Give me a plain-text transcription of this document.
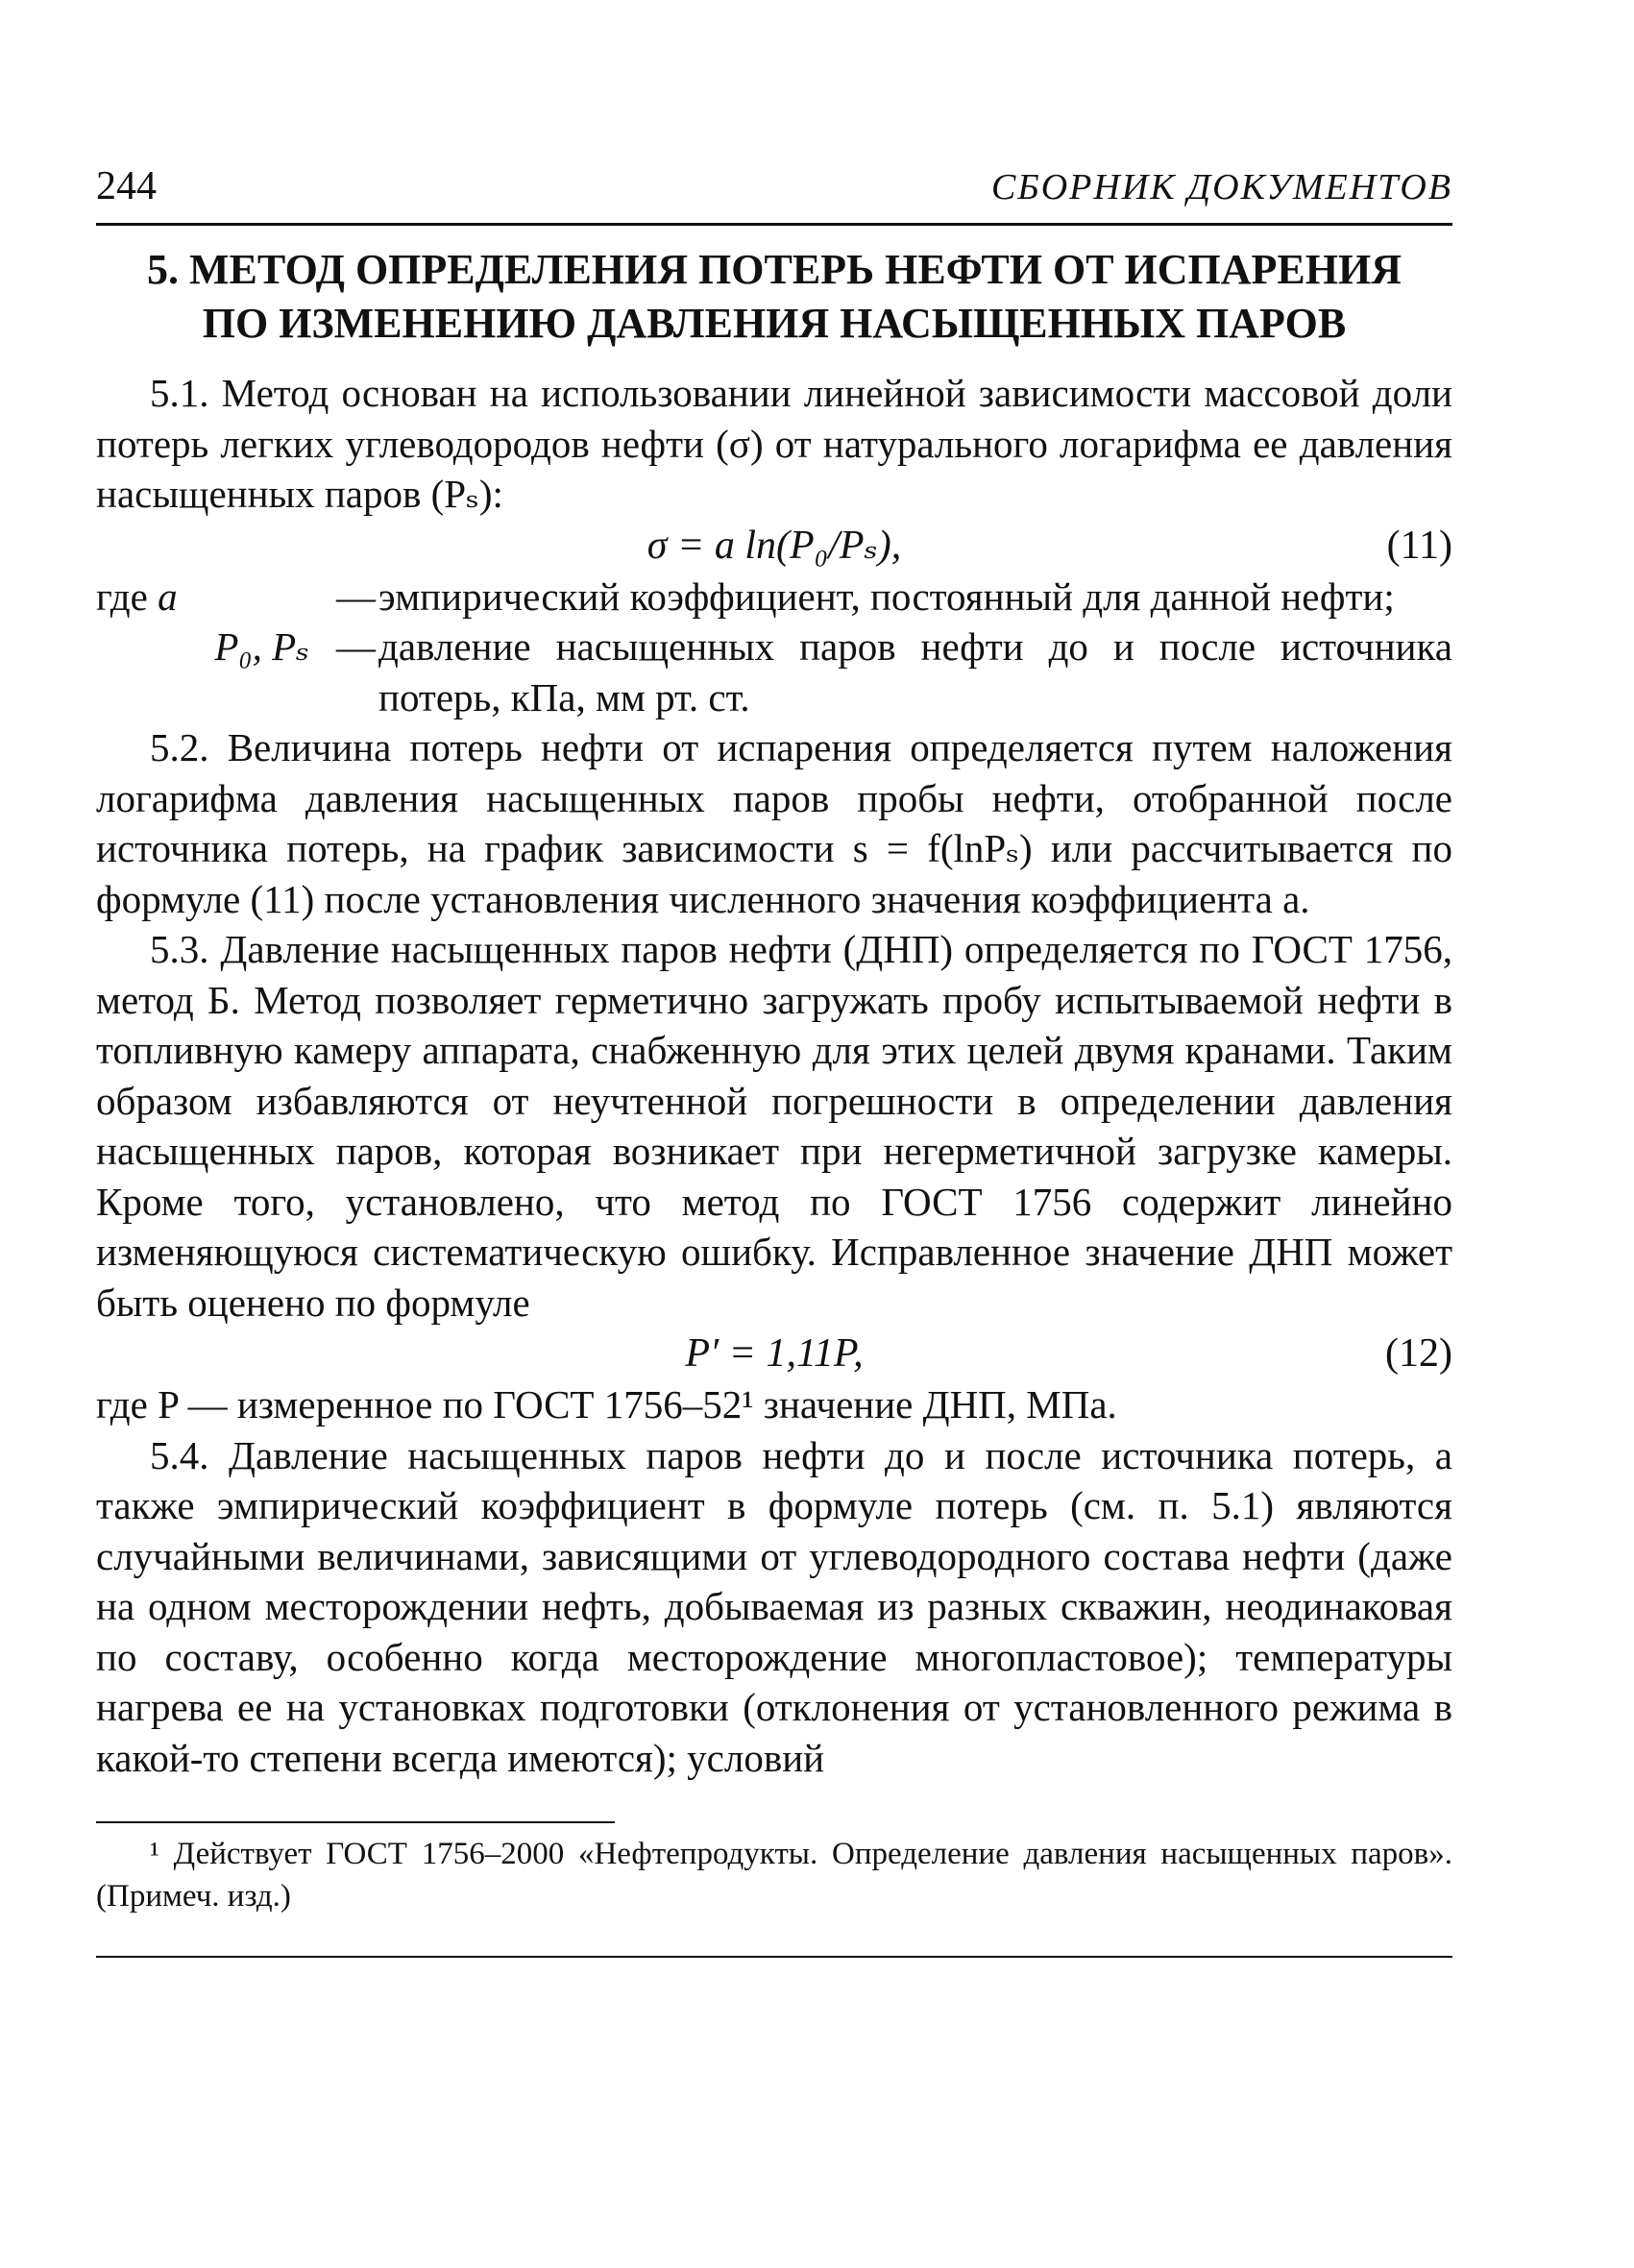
244	СБОРНИК ДОКУМЕНТОВ
5. МЕТОД ОПРЕДЕЛЕНИЯ ПОТЕРЬ НЕФТИ ОТ ИСПАРЕНИЯ
ПО ИЗМЕНЕНИЮ ДАВЛЕНИЯ НАСЫЩЕННЫХ ПАРОВ

5.1. Метод основан на использовании линейной зависимости массовой доли потерь легких углеводородов нефти (σ) от натурального логарифма ее давления насыщенных паров (Pₛ):

σ = a ln(P₀/Pₛ),	(11)
где a	— эмпирический коэффициент, постоянный для данной нефти;
P₀, Pₛ — давление насыщенных паров нефти до и после источника потерь, кПа, мм рт. ст.

5.2. Величина потерь нефти от испарения определяется путем наложения логарифма давления насыщенных паров пробы нефти, отобранной после источника потерь, на график зависимости s = f(lnPₛ) или рассчитывается по формуле (11) после установления численного значения коэффициента a.

5.3. Давление насыщенных паров нефти (ДНП) определяется по ГОСТ 1756, метод Б. Метод позволяет герметично загружать пробу испытываемой нефти в топливную камеру аппарата, снабженную для этих целей двумя кранами. Таким образом избавляются от неучтенной погрешности в определении давления насыщенных паров, которая возникает при негерметичной загрузке камеры. Кроме того, установлено, что метод по ГОСТ 1756 содержит линейно изменяющуюся систематическую ошибку. Исправленное значение ДНП может быть оценено по формуле

P′ = 1,11P,	(12)

где P — измеренное по ГОСТ 1756–52¹ значение ДНП, МПа.

5.4. Давление насыщенных паров нефти до и после источника потерь, а также эмпирический коэффициент в формуле потерь (см. п. 5.1) являются случайными величинами, зависящими от углеводородного состава нефти (даже на одном месторождении нефть, добываемая из разных скважин, неодинаковая по составу, особенно когда месторождение многопластовое); температуры нагрева ее на установках подготовки (отклонения от установленного режима в какой-то степени всегда имеются); условий

¹ Действует ГОСТ 1756–2000 «Нефтепродукты. Определение давления насыщенных паров». (Примеч. изд.)
